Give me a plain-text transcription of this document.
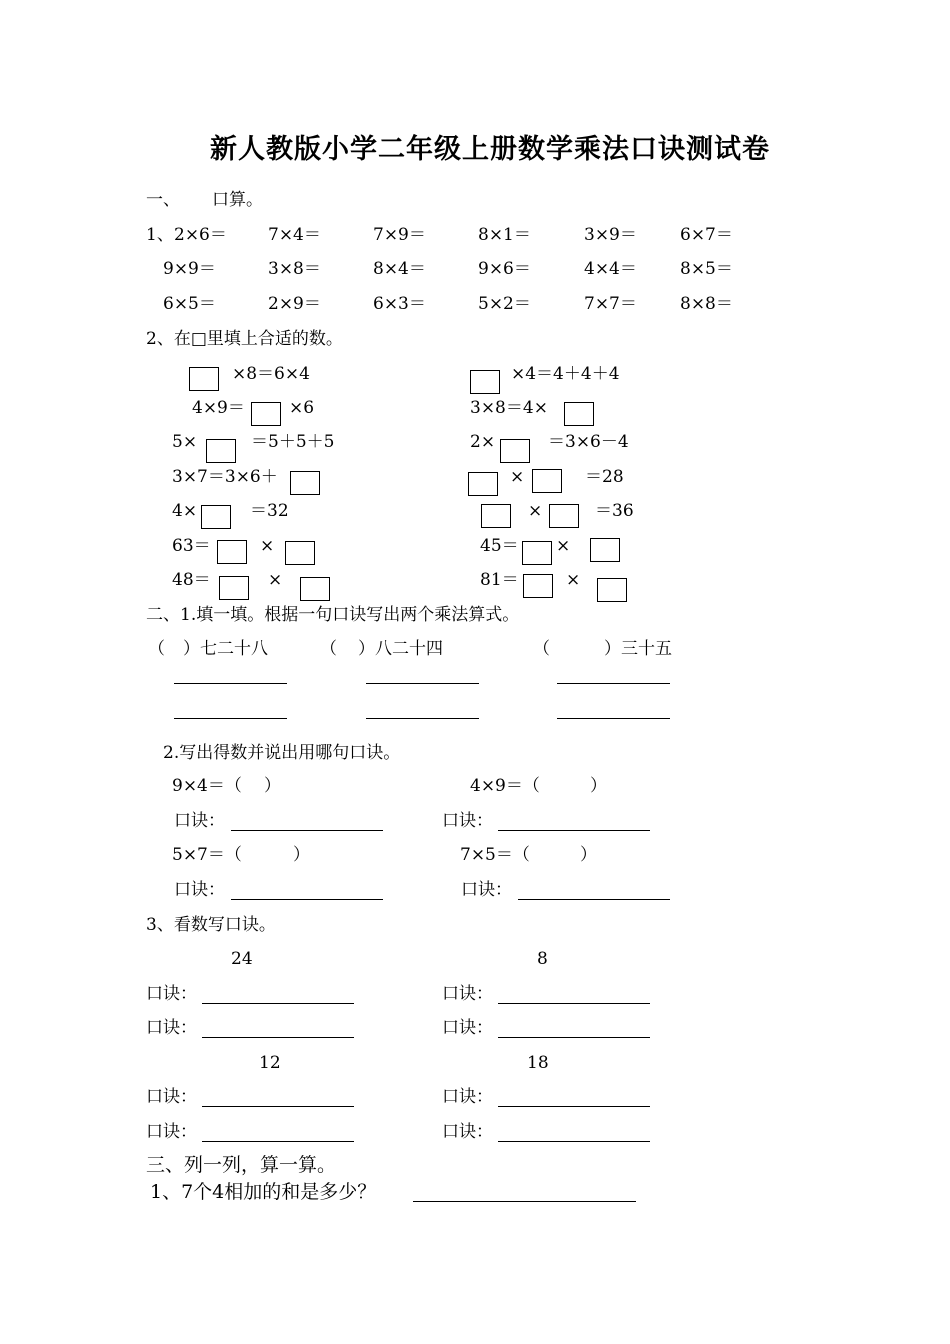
新人教版小学二年级上册数学乘法口诀测试卷
一、 口算。
1、 2×6＝ 7×4＝	7×9＝	8×1＝	3×9＝	6×7＝
9×9＝	3×8＝	8×4＝	9×6＝	4×4＝	8×5＝
6×5＝	2×9＝	6×3＝	5×2＝	7×7＝	8×8＝
2、在□里填上合适的数。
×8＝6×4	×4＝4＋4＋4
4×9＝	×6	3×8＝4×
5×	＝5＋5＋5	2×	＝3×6－4
3×7＝3×6＋	×	＝28
4×	＝32	×	＝36
63＝	×	45＝ ×
48＝	×	81＝	×
二、1.填一填。根据一句口诀写出两个乘法算式。
（ ）七二十八	（ ）八二十四	（	）三十五
2.写出得数并说出用哪句口诀。
9×4＝（ ）	4×9＝（	）
口诀：	口诀：
5×7＝（	）	7×5＝（	）
口诀：	口诀：
3、看数写口诀。
24	8
口诀：	口诀：
口诀：	口诀：
12	18
口诀：	口诀：
口诀：	口诀：
三、列一列，算一算。
1、7个4相加的和是多少？
